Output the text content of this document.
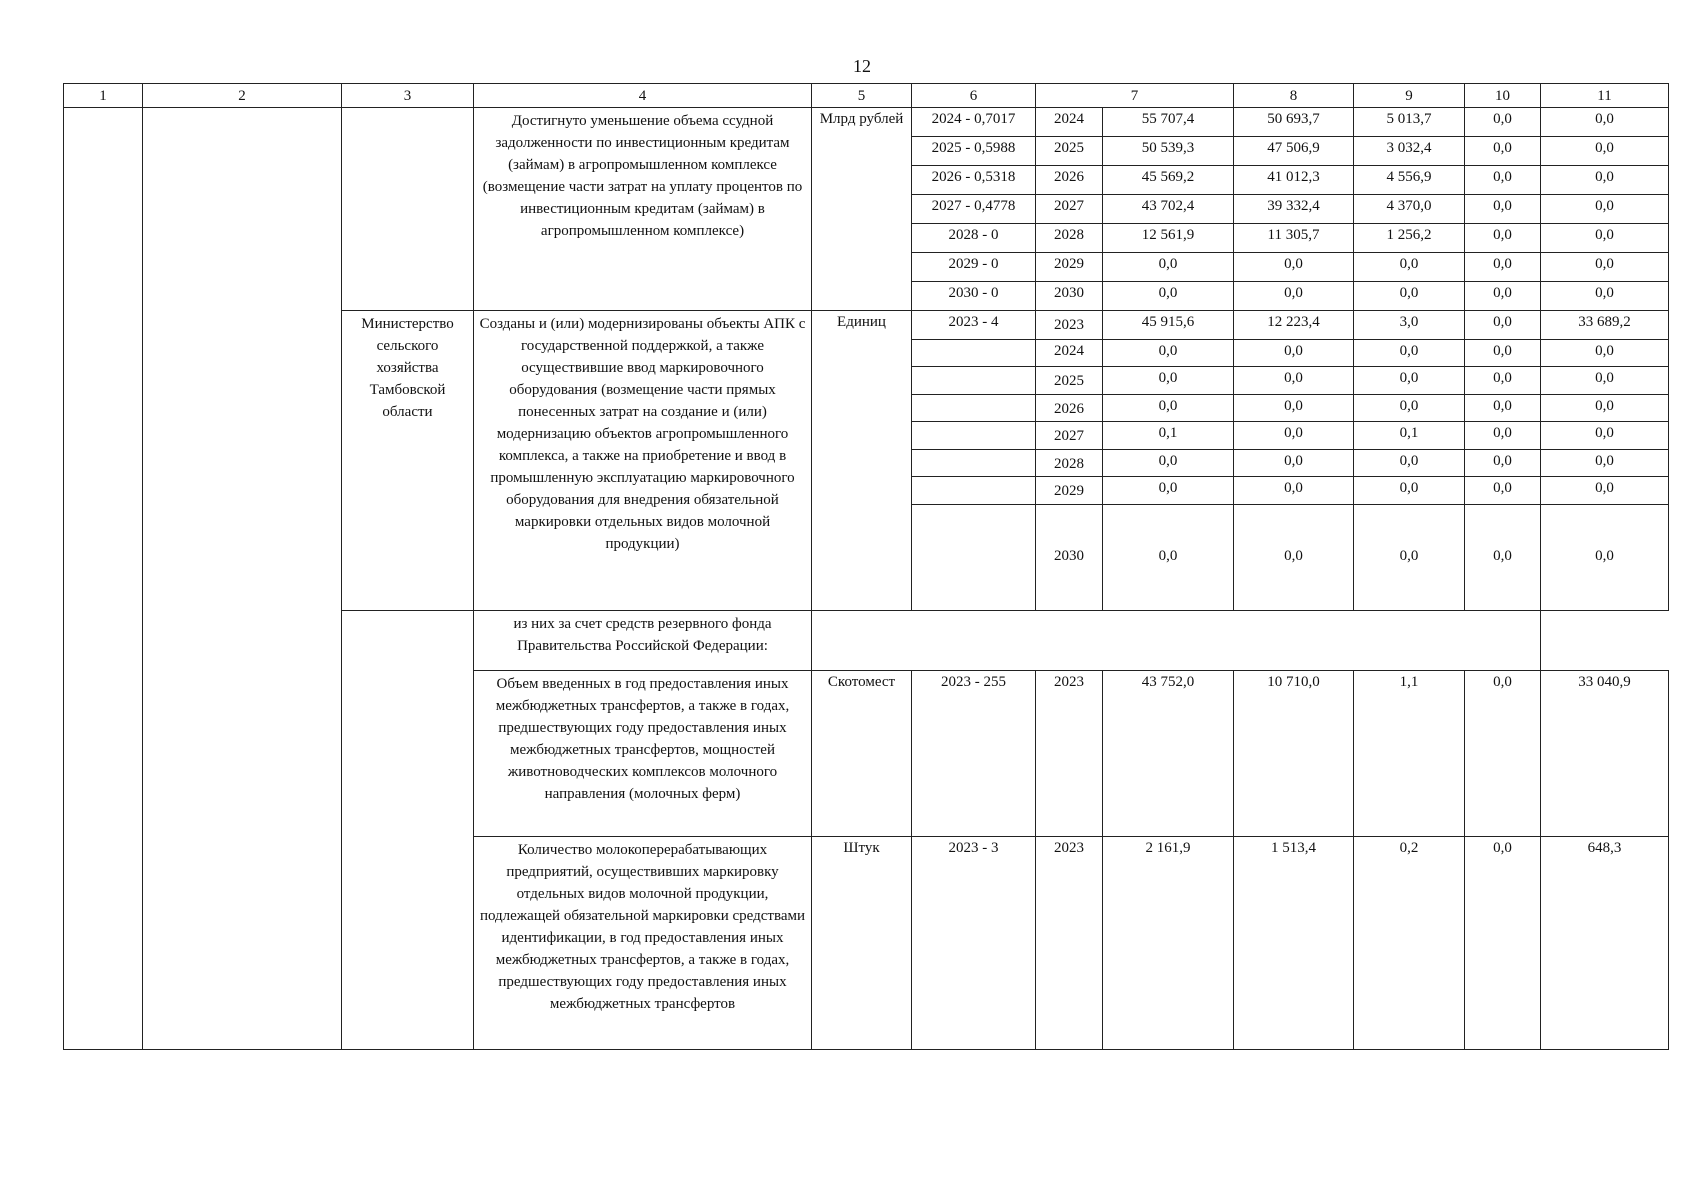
12
1	2	3	4	5	6	7		8	9	10	11
			Достигнуто уменьшение объема ссудной задолженности по инвестиционным кредитам (займам) в агропромышленном комплексе (возмещение части затрат на уплату процентов по инвестиционным кредитам (займам) в агропромышленном комплексе)	Млрд рублей	2024 - 0,7017	2024	55 707,4	50 693,7	5 013,7	0,0	0,0
					2025 - 0,5988	2025	50 539,3	47 506,9	3 032,4	0,0	0,0
					2026 - 0,5318	2026	45 569,2	41 012,3	4 556,9	0,0	0,0
					2027 - 0,4778	2027	43 702,4	39 332,4	4 370,0	0,0	0,0
					2028 - 0	2028	12 561,9	11 305,7	1 256,2	0,0	0,0
					2029 - 0	2029	0,0	0,0	0,0	0,0	0,0
					2030 - 0	2030	0,0	0,0	0,0	0,0	0,0
		Министерство сельского хозяйства Тамбовской области	Созданы и (или) модернизированы объекты АПК с государственной поддержкой, а также осуществившие ввод маркировочного оборудования (возмещение части прямых понесенных затрат на создание и (или) модернизацию объектов агропромышленного комплекса, а также на приобретение и ввод в промышленную эксплуатацию маркировочного оборудования для внедрения обязательной маркировки отдельных видов молочной продукции)	Единиц	2023 - 4	2023	45 915,6	12 223,4	3,0	0,0	33 689,2
						2024	0,0	0,0	0,0	0,0	0,0
						2025	0,0	0,0	0,0	0,0	0,0
						2026	0,0	0,0	0,0	0,0	0,0
						2027	0,1	0,0	0,1	0,0	0,0
						2028	0,0	0,0	0,0	0,0	0,0
						2029	0,0	0,0	0,0	0,0	0,0
						2030	0,0	0,0	0,0	0,0	0,0
			из них за счет средств резервного фонда Правительства Российской Федерации:								
			Объем введенных в год предоставления иных межбюджетных трансфертов, а также в годах, предшествующих году предоставления иных межбюджетных трансфертов, мощностей животноводческих комплексов молочного направления (молочных ферм)	Скотомест	2023 - 255	2023	43 752,0	10 710,0	1,1	0,0	33 040,9
			Количество молокоперерабатывающих предприятий, осуществивших маркировку отдельных видов молочной продукции, подлежащей обязательной маркировки средствами идентификации, в год предоставления иных межбюджетных трансфертов, а также в годах, предшествующих году предоставления иных межбюджетных трансфертов	Штук	2023 - 3	2023	2 161,9	1 513,4	0,2	0,0	648,3
